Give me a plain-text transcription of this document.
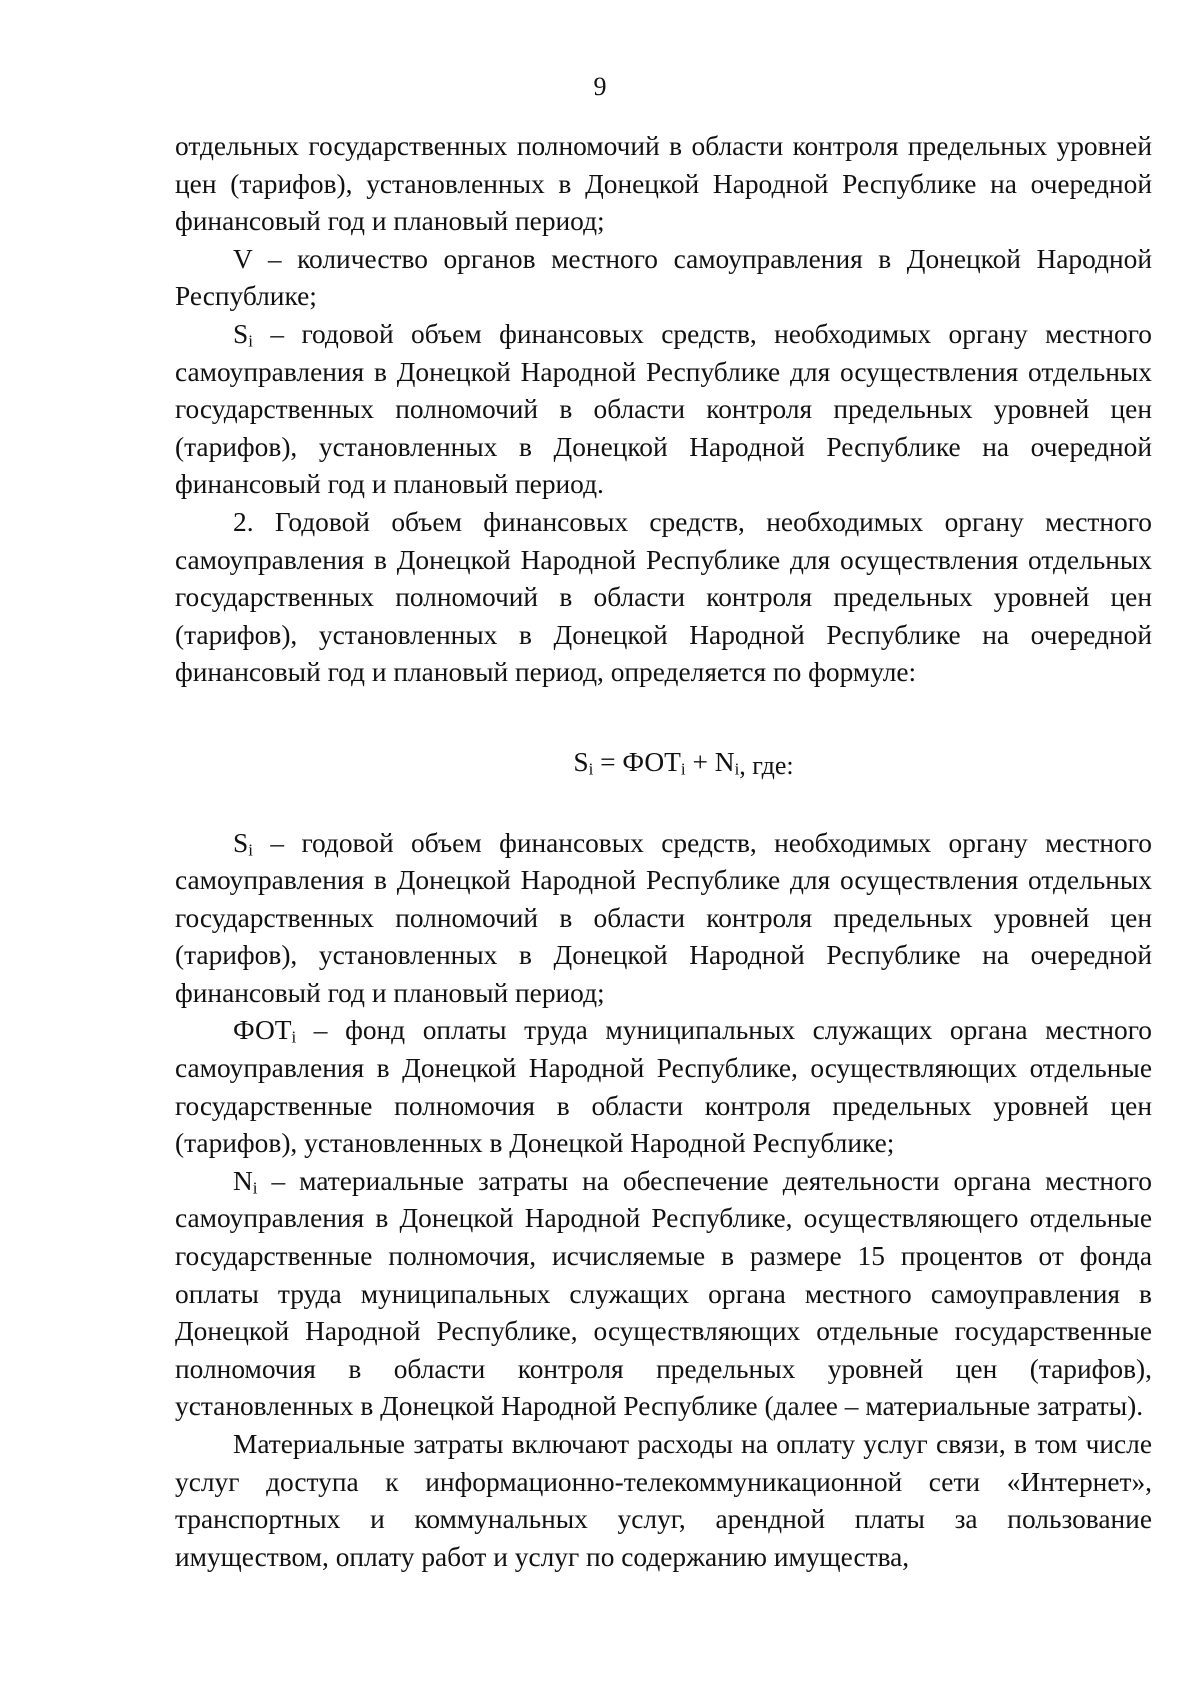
9

отдельных государственных полномочий в области контроля предельных уровней цен (тарифов), установленных в Донецкой Народной Республике на очередной финансовый год и плановый период;

V – количество органов местного самоуправления в Донецкой Народной Республике;

$S_i$ – годовой объем финансовых средств, необходимых органу местного самоуправления в Донецкой Народной Республике для осуществления отдельных государственных полномочий в области контроля предельных уровней цен (тарифов), установленных в Донецкой Народной Республике на очередной финансовый год и плановый период.

2. Годовой объем финансовых средств, необходимых органу местного самоуправления в Донецкой Народной Республике для осуществления отдельных государственных полномочий в области контроля предельных уровней цен (тарифов), установленных в Донецкой Народной Республике на очередной финансовый год и плановый период, определяется по формуле:

$S_i = ФОТ_i + N_i$, где:

$S_i$ – годовой объем финансовых средств, необходимых органу местного самоуправления в Донецкой Народной Республике для осуществления отдельных государственных полномочий в области контроля предельных уровней цен (тарифов), установленных в Донецкой Народной Республике на очередной финансовый год и плановый период;

$ФОТ_i$ – фонд оплаты труда муниципальных служащих органа местного самоуправления в Донецкой Народной Республике, осуществляющих отдельные государственные полномочия в области контроля предельных уровней цен (тарифов), установленных в Донецкой Народной Республике;

$N_i$ – материальные затраты на обеспечение деятельности органа местного самоуправления в Донецкой Народной Республике, осуществляющего отдельные государственные полномочия, исчисляемые в размере 15 процентов от фонда оплаты труда муниципальных служащих органа местного самоуправления в Донецкой Народной Республике, осуществляющих отдельные государственные полномочия в области контроля предельных уровней цен (тарифов), установленных в Донецкой Народной Республике (далее – материальные затраты).

Материальные затраты включают расходы на оплату услуг связи, в том числе услуг доступа к информационно-телекоммуникационной сети «Интернет», транспортных и коммунальных услуг, арендной платы за пользование имуществом, оплату работ и услуг по содержанию имущества,
